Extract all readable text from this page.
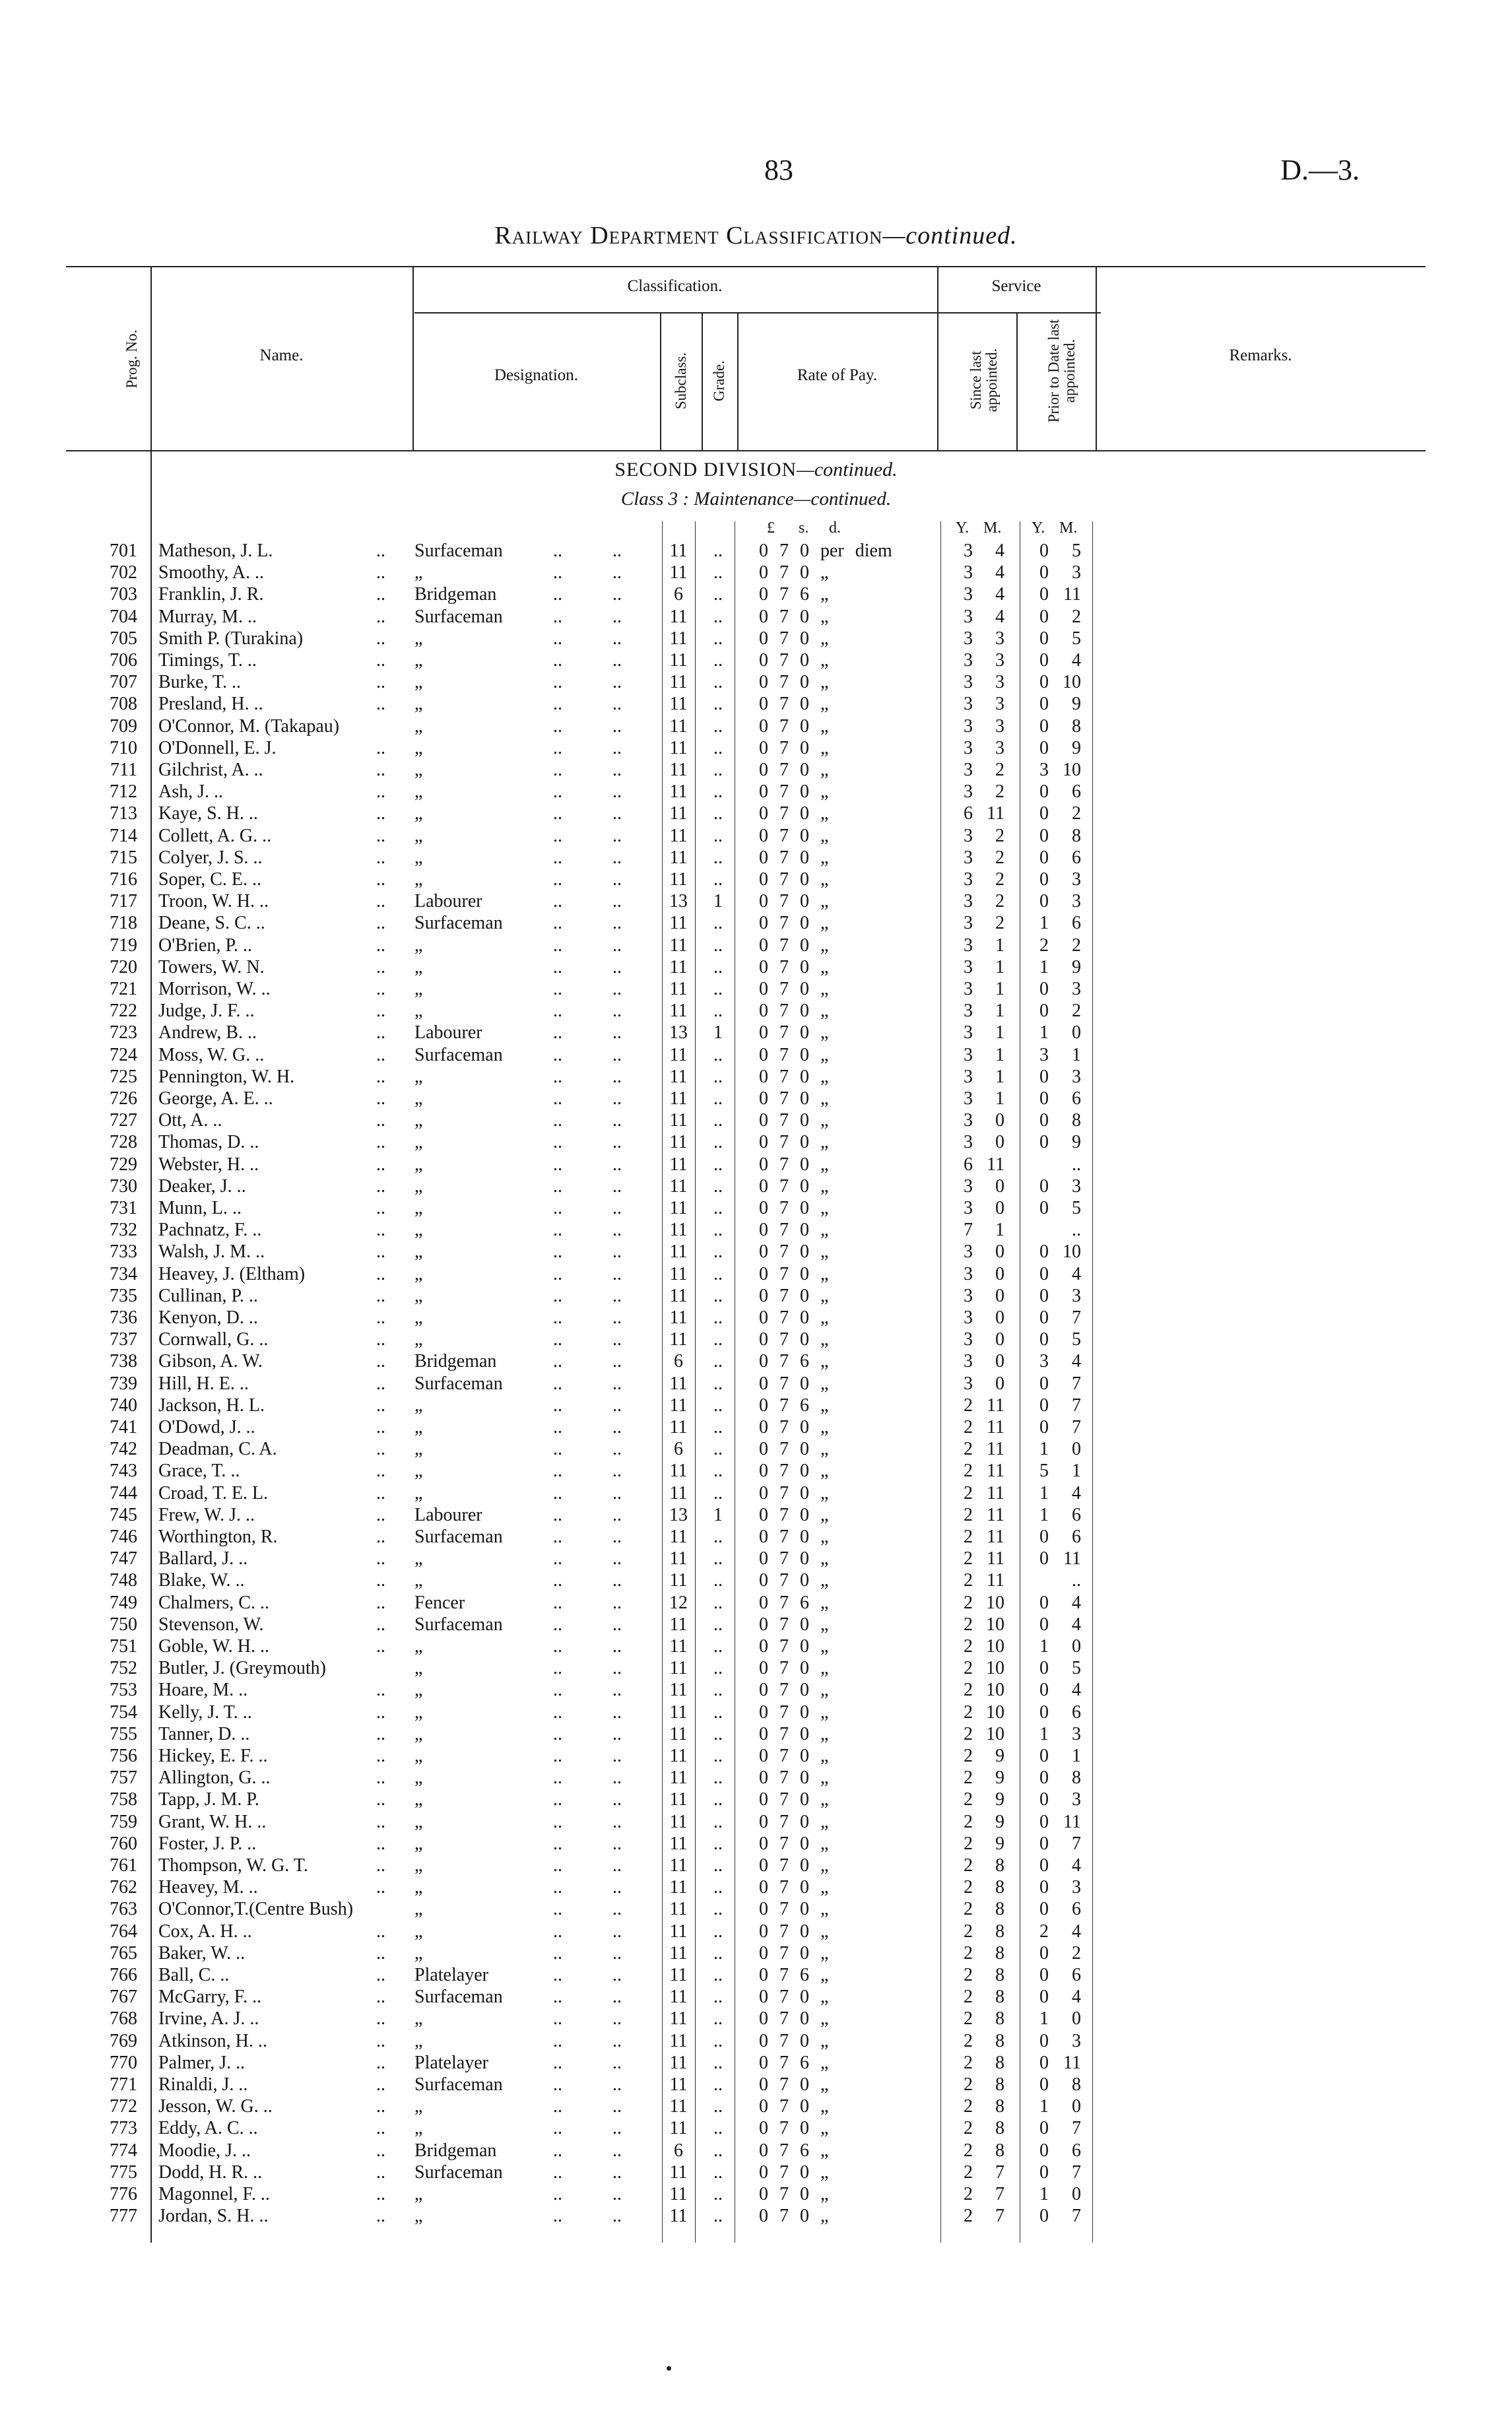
83	D.—3.
Railway Department Classification—continued.
Prog. No.	Name.
Classification.
Designation.	Subclass. Grade.	Rate of Pay.
Service
Since last appointed.	Prior to Date last appointed.	Remarks.
SECOND DIVISION—continued.
Class 3 : Maintenance—continued.
£ s. d.	Y. M. Y. M.
701 Matheson, J. L.	.. Surfaceman	..	..	11	..	0 7 0 per diem	3	4	0	5
702 Smoothy, A. ..	.. „	..	..	11	..	0 7 0 „	3	4	0	3
703 Franklin, J. R.	.. Bridgeman	..	..	6	..	0 7 6 „	3	4	0 11
704 Murray, M. ..	.. Surfaceman	..	..	11	..	0 7 0 „	3	4	0	2
705 Smith P. (Turakina)	.. „	..	..	11	..	0 7 0 „	3	3	0	5
706 Timings, T. ..	.. „	..	..	11	..	0 7 0 „	3	3	0	4
707 Burke, T. ..	.. „	..	..	11	..	0 7 0 „	3	3	0 10
708 Presland, H. ..	.. „	..	..	11	..	0 7 0 „	3	3	0	9
709 O'Connor, M. (Takapau)	„	..	..	11	..	0 7 0 „	3	3	0	8
710 O'Donnell, E. J.	.. „	..	..	11	..	0 7 0 „	3	3	0	9
711 Gilchrist, A. ..	.. „	..	..	11	..	0 7 0 „	3	2	3 10
712 Ash, J. ..	.. „	..	..	11	..	0 7 0 „	3	2	0	6
713 Kaye, S. H. ..	.. „	..	..	11	..	0 7 0 „	6 11	0	2
714 Collett, A. G. ..	.. „	..	..	11	..	0 7 0 „	3	2	0	8
715 Colyer, J. S. ..	.. „	..	..	11	..	0 7 0 „	3	2	0	6
716 Soper, C. E. ..	.. „	..	..	11	..	0 7 0 „	3	2	0	3
717 Troon, W. H. ..	.. Labourer	..	..	13	1	0 7 0 „	3	2	0	3
718 Deane, S. C. ..	.. Surfaceman	..	..	11	..	0 7 0 „	3	2	1	6
719 O'Brien, P. ..	.. „	..	..	11	..	0 7 0 „	3	1	2	2
720 Towers, W. N.	.. „	..	..	11	..	0 7 0 „	3	1	1	9
721 Morrison, W. ..	.. „	..	..	11	..	0 7 0 „	3	1	0	3
722 Judge, J. F. ..	.. „	..	..	11	..	0 7 0 „	3	1	0	2
723 Andrew, B. ..	.. Labourer	..	..	13	1	0 7 0 „	3	1	1	0
724 Moss, W. G. ..	.. Surfaceman	..	..	11	..	0 7 0 „	3	1	3	1
725 Pennington, W. H.	.. „	..	..	11	..	0 7 0 „	3	1	0	3
726 George, A. E. ..	.. „	..	..	11	..	0 7 0 „	3	1	0	6
727 Ott, A. ..	.. „	..	..	11	..	0 7 0 „	3	0	0	8
728 Thomas, D. ..	.. „	..	..	11	..	0 7 0 „	3	0	0	9
729 Webster, H. ..	.. „	..	..	11	..	0 7 0 „	6 11	..
730 Deaker, J. ..	.. „	..	..	11	..	0 7 0 „	3	0	0	3
731 Munn, L. ..	.. „	..	..	11	..	0 7 0 „	3	0	0	5
732 Pachnatz, F. ..	.. „	..	..	11	..	0 7 0 „	7	1	..
733 Walsh, J. M. ..	.. „	..	..	11	..	0 7 0 „	3	0	0 10
734 Heavey, J. (Eltham)	.. „	..	..	11	..	0 7 0 „	3	0	0	4
735 Cullinan, P. ..	.. „	..	..	11	..	0 7 0 „	3	0	0	3
736 Kenyon, D. ..	.. „	..	..	11	..	0 7 0 „	3	0	0	7
737 Cornwall, G. ..	.. „	..	..	11	..	0 7 0 „	3	0	0	5
738 Gibson, A. W.	.. Bridgeman	..	..	6	..	0 7 6 „	3	0	3	4
739 Hill, H. E. ..	.. Surfaceman	..	..	11	..	0 7 0 „	3	0	0	7
740 Jackson, H. L.	.. „	..	..	11	..	0 7 6 „	2 11	0	7
741 O'Dowd, J. ..	.. „	..	..	11	..	0 7 0 „	2 11	0	7
742 Deadman, C. A.	.. „	..	..	6	..	0 7 0 „	2 11	1	0
743 Grace, T. ..	.. „	..	..	11	..	0 7 0 „	2 11	5	1
744 Croad, T. E. L.	.. „	..	..	11	..	0 7 0 „	2 11	1	4
745 Frew, W. J. ..	.. Labourer	..	..	13	1	0 7 0 „	2 11	1	6
746 Worthington, R.	.. Surfaceman	..	..	11	..	0 7 0 „	2 11	0	6
747 Ballard, J. ..	.. „	..	..	11	..	0 7 0 „	2 11	0 11
748 Blake, W. ..	.. „	..	..	11	..	0 7 0 „	2 11	..
749 Chalmers, C. ..	.. Fencer	..	..	12	..	0 7 6 „	2 10	0	4
750 Stevenson, W.	.. Surfaceman	..	..	11	..	0 7 0 „	2 10	0	4
751 Goble, W. H. ..	.. „	..	..	11	..	0 7 0 „	2 10	1	0
752 Butler, J. (Greymouth)	„	..	..	11	..	0 7 0 „	2 10	0	5
753 Hoare, M. ..	.. „	..	..	11	..	0 7 0 „	2 10	0	4
754 Kelly, J. T. ..	.. „	..	..	11	..	0 7 0 „	2 10	0	6
755 Tanner, D. ..	.. „	..	..	11	..	0 7 0 „	2 10	1	3
756 Hickey, E. F. ..	.. „	..	..	11	..	0 7 0 „	2	9	0	1
757 Allington, G. ..	.. „	..	..	11	..	0 7 0 „	2	9	0	8
758 Tapp, J. M. P.	.. „	..	..	11	..	0 7 0 „	2	9	0	3
759 Grant, W. H. ..	.. „	..	..	11	..	0 7 0 „	2	9	0 11
760 Foster, J. P. ..	.. „	..	..	11	..	0 7 0 „	2	9	0	7
761 Thompson, W. G. T.	.. „	..	..	11	..	0 7 0 „	2	8	0	4
762 Heavey, M. ..	.. „	..	..	11	..	0 7 0 „	2	8	0	3
763 O'Connor,T.(Centre Bush)	„	..	..	11	..	0 7 0 „	2	8	0	6
764 Cox, A. H. ..	.. „	..	..	11	..	0 7 0 „	2	8	2	4
765 Baker, W. ..	.. „	..	..	11	..	0 7 0 „	2	8	0	2
766 Ball, C. ..	.. Platelayer	..	..	11	..	0 7 6 „	2	8	0	6
767 McGarry, F. ..	.. Surfaceman	..	..	11	..	0 7 0 „	2	8	0	4
768 Irvine, A. J. ..	.. „	..	..	11	..	0 7 0 „	2	8	1	0
769 Atkinson, H. ..	.. „	..	..	11	..	0 7 0 „	2	8	0	3
770 Palmer, J. ..	.. Platelayer	..	..	11	..	0 7 6 „	2	8	0 11
771 Rinaldi, J. ..	.. Surfaceman	..	..	11	..	0 7 0 „	2	8	0	8
772 Jesson, W. G. ..	.. „	..	..	11	..	0 7 0 „	2	8	1	0
773 Eddy, A. C. ..	.. „	..	..	11	..	0 7 0 „	2	8	0	7
774 Moodie, J. ..	.. Bridgeman	..	..	6	..	0 7 6 „	2	8	0	6
775 Dodd, H. R. ..	.. Surfaceman	..	..	11	..	0 7 0 „	2	7	0	7
776 Magonnel, F. ..	.. „	..	..	11	..	0 7 0 „	2	7	1	0
777 Jordan, S. H. ..	.. „	..	..	11	..	0 7 0 „	2	7	0	7
